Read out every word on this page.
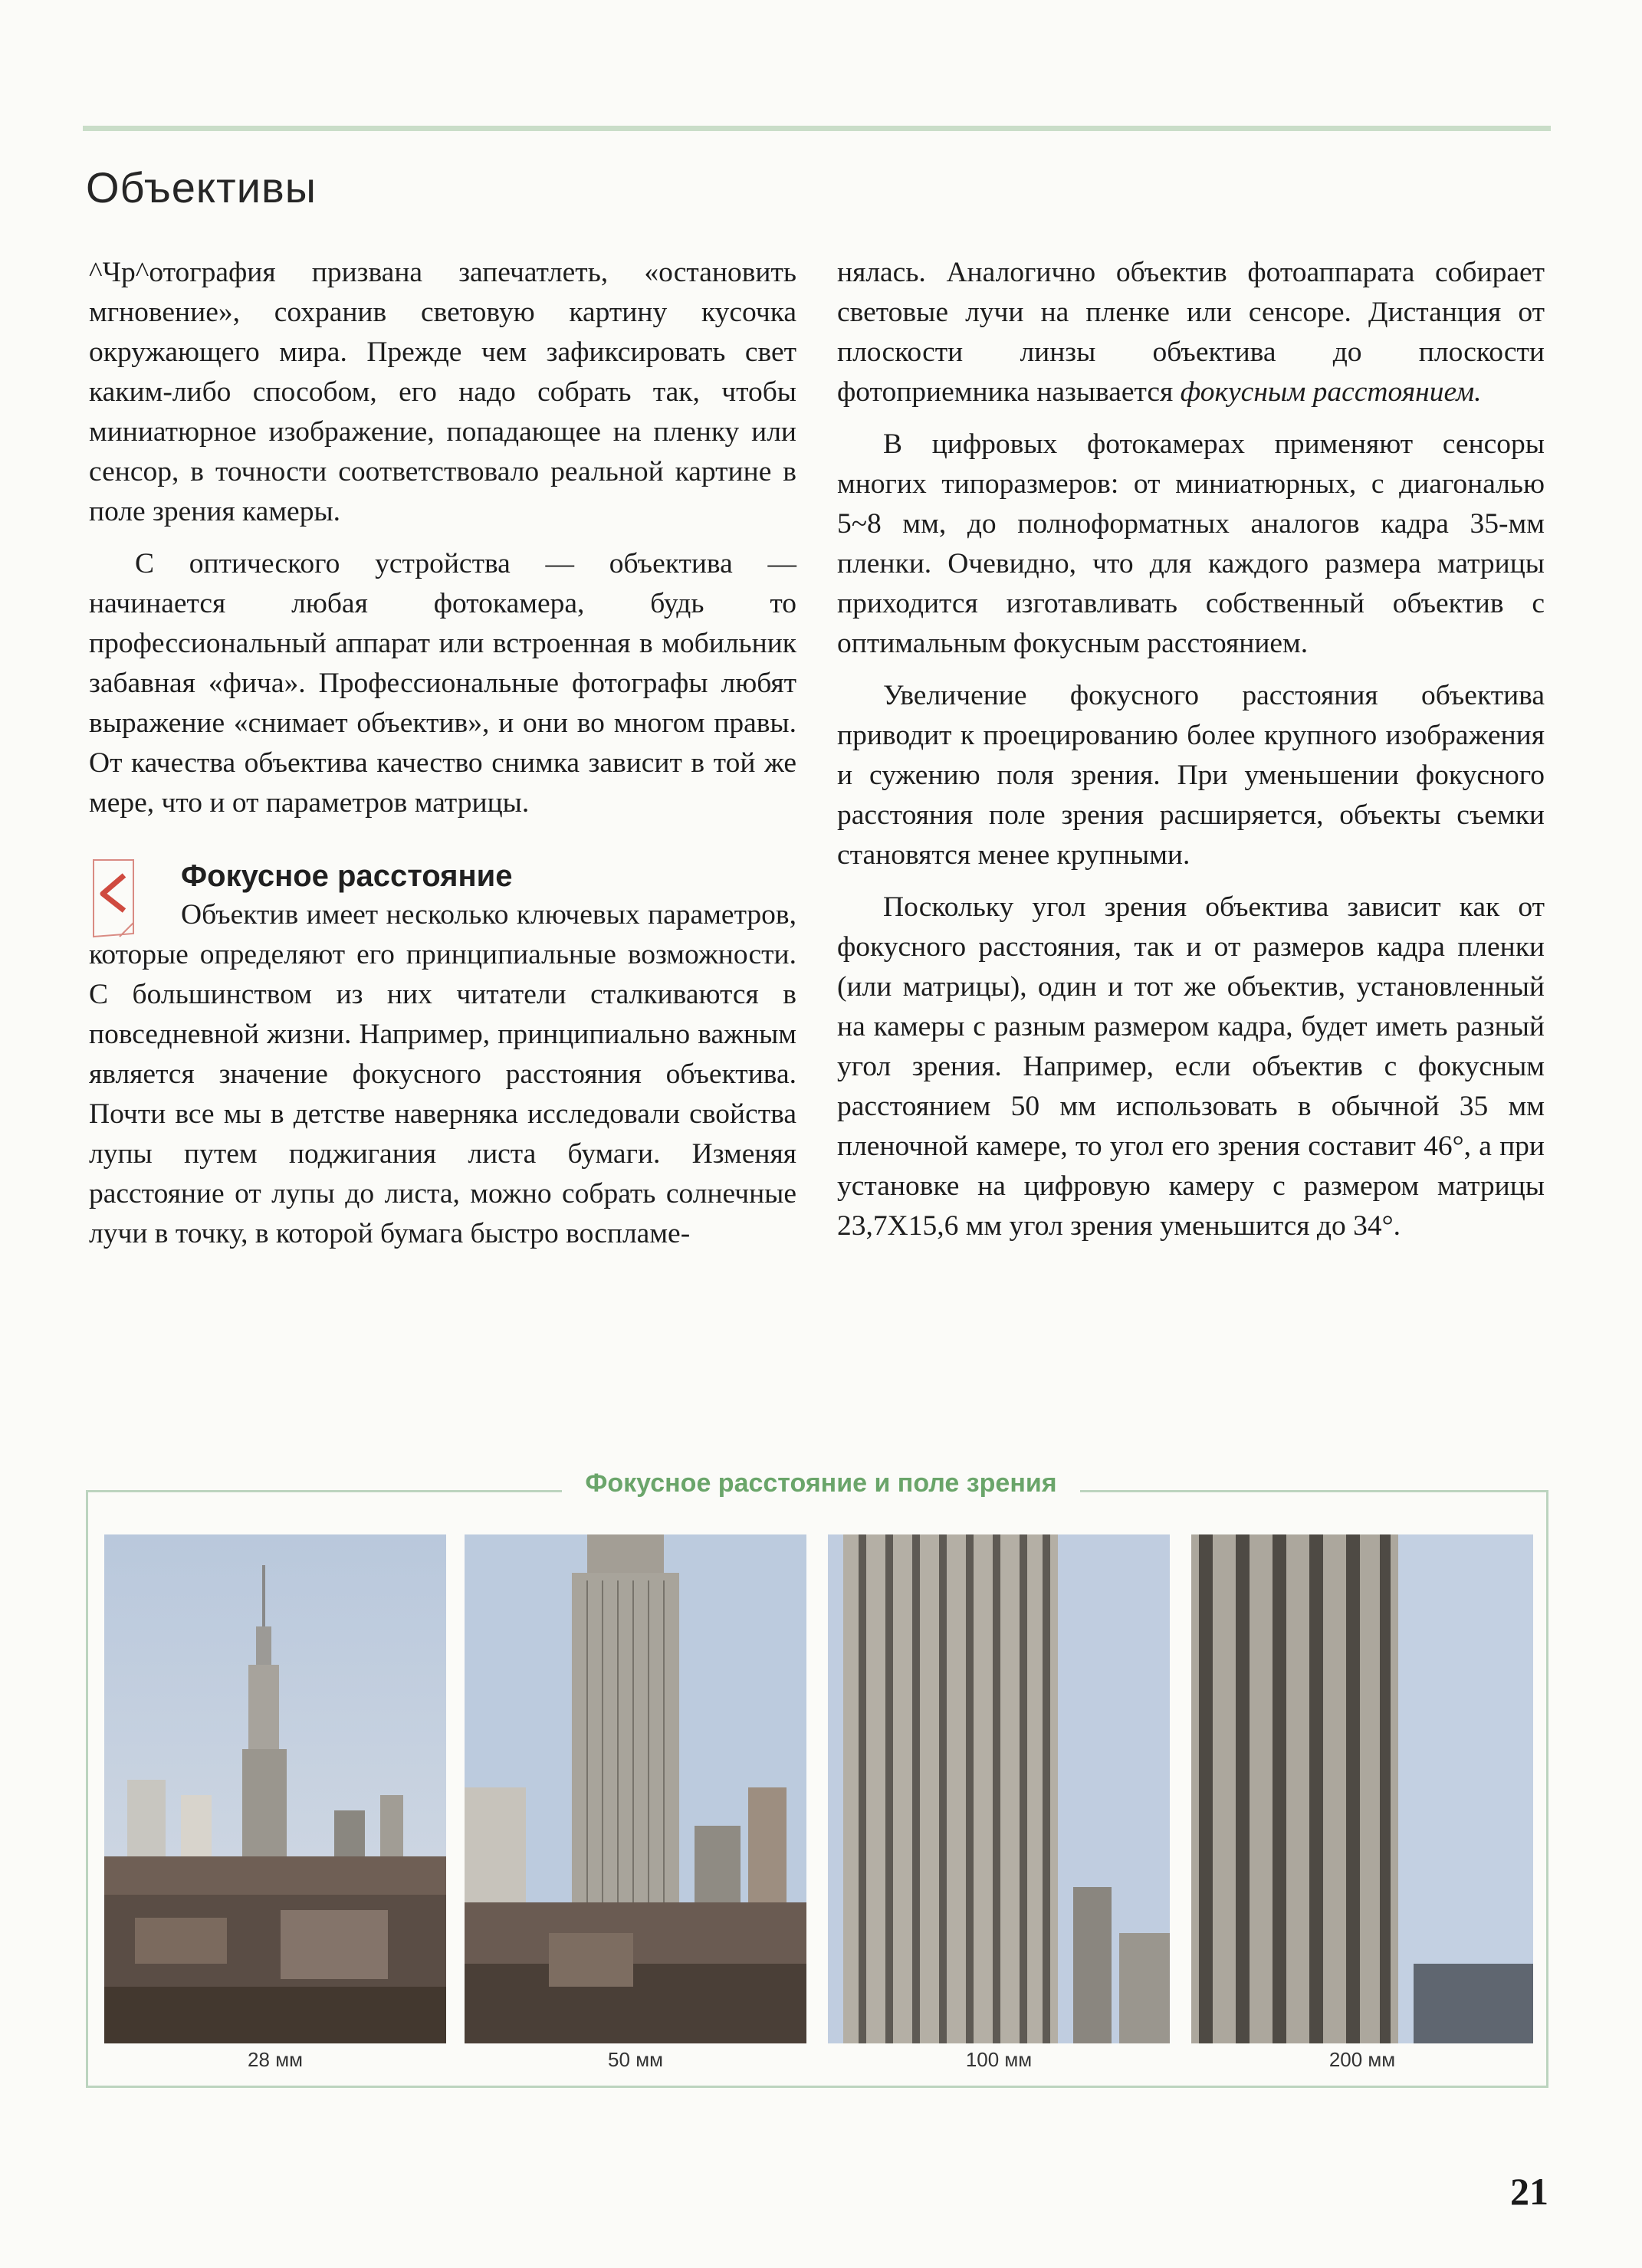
Объективы

^Чр^отография призвана запечатлеть, «остановить мгновение», сохранив световую картину кусочка окружающего мира. Прежде чем зафиксировать свет каким-либо способом, его надо собрать так, чтобы миниатюрное изображение, попадающее на пленку или сенсор, в точности соответствовало реальной картине в поле зрения камеры.

С оптического устройства — объектива — начинается любая фотокамера, будь то профессиональный аппарат или встроенная в мобильник забавная «фича». Профессиональные фотографы любят выражение «снимает объектив», и они во многом правы. От качества объектива качество снимка зависит в той же мере, что и от параметров матрицы.

Фокусное расстояние

Объектив имеет несколько ключевых параметров, которые определяют его принципиальные возможности. С большинством из них читатели сталкиваются в повседневной жизни. Например, принципиально важным является значение фокусного расстояния объектива. Почти все мы в детстве наверняка исследовали свойства лупы путем поджигания листа бумаги. Изменяя расстояние от лупы до листа, можно собрать солнечные лучи в точку, в которой бумага быстро воспламе-

нялась. Аналогично объектив фотоаппарата собирает световые лучи на пленке или сенсоре. Дистанция от плоскости линзы объектива до плоскости фотоприемника называется фокусным расстоянием.

В цифровых фотокамерах применяют сенсоры многих типоразмеров: от миниатюрных, с диагональю 5~8 мм, до полноформатных аналогов кадра 35-мм пленки. Очевидно, что для каждого размера матрицы приходится изготавливать собственный объектив с оптимальным фокусным расстоянием.

Увеличение фокусного расстояния объектива приводит к проецированию более крупного изображения и сужению поля зрения. При уменьшении фокусного расстояния поле зрения расширяется, объекты съемки становятся менее крупными.

Поскольку угол зрения объектива зависит как от фокусного расстояния, так и от размеров кадра пленки (или матрицы), один и тот же объектив, установленный на камеры с разным размером кадра, будет иметь разный угол зрения. Например, если объектив с фокусным расстоянием 50 мм использовать в обычной 35 мм пленочной камере, то угол его зрения составит 46°, а при установке на цифровую камеру с размером матрицы 23,7X15,6 мм угол зрения уменьшится до 34°.

Фокусное расстояние и поле зрения
28 мм	50 мм	100 мм	200 мм
21
